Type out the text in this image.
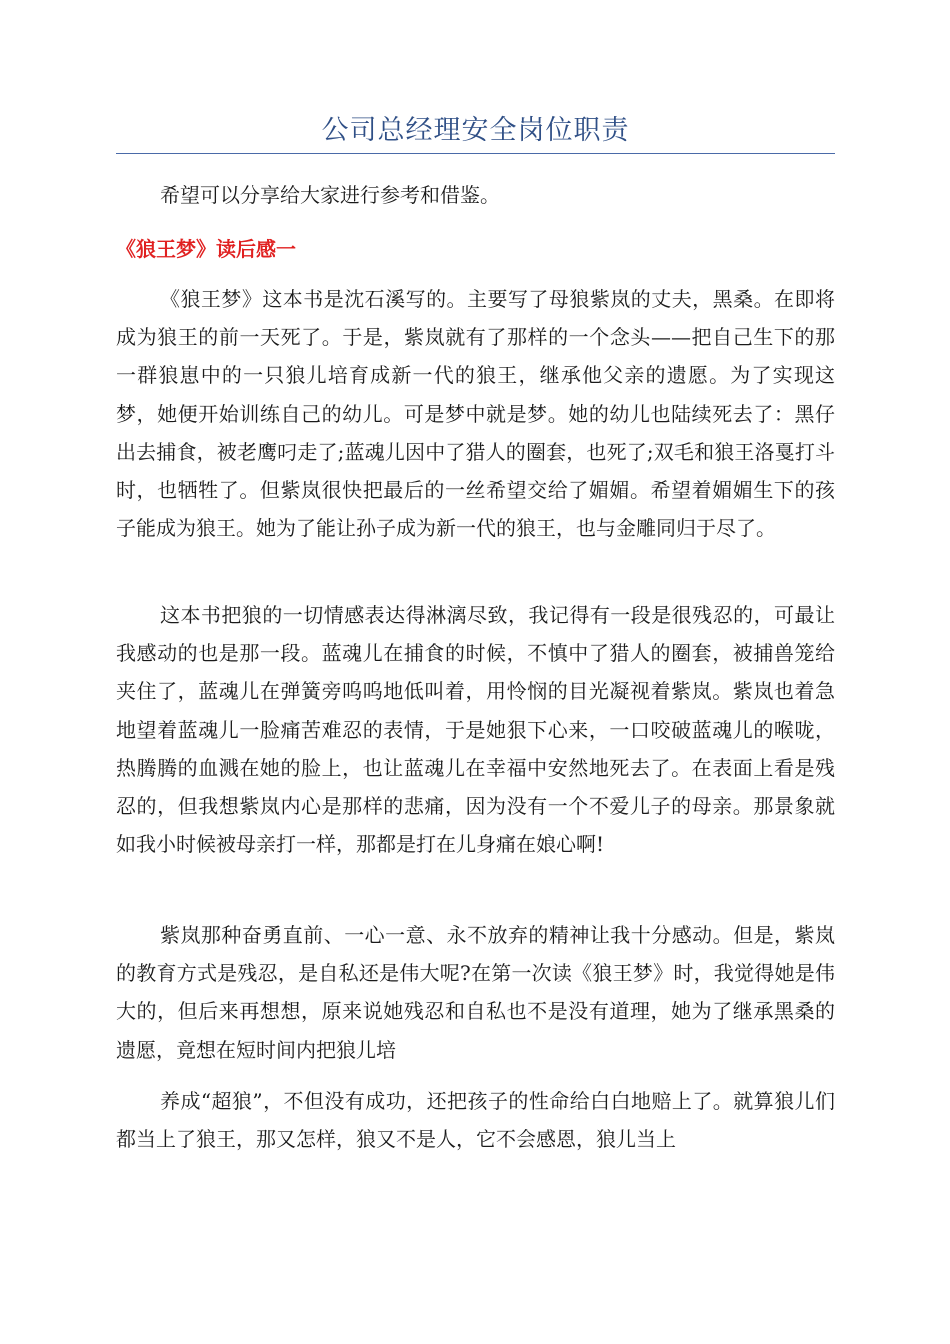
公司总经理安全岗位职责

希望可以分享给大家进行参考和借鉴。

《狼王梦》读后感一

《狼王梦》这本书是沈石溪写的。主要写了母狼紫岚的丈夫，黑桑。在即将成为狼王的前一天死了。于是，紫岚就有了那样的一个念头——把自己生下的那一群狼崽中的一只狼儿培育成新一代的狼王，继承他父亲的遗愿。为了实现这梦，她便开始训练自己的幼儿。可是梦中就是梦。她的幼儿也陆续死去了：黑仔出去捕食，被老鹰叼走了;蓝魂儿因中了猎人的圈套，也死了;双毛和狼王洛戛打斗时，也牺牲了。但紫岚很快把最后的一丝希望交给了媚媚。希望着媚媚生下的孩子能成为狼王。她为了能让孙子成为新一代的狼王，也与金雕同归于尽了。

这本书把狼的一切情感表达得淋漓尽致，我记得有一段是很残忍的，可最让我感动的也是那一段。蓝魂儿在捕食的时候，不慎中了猎人的圈套，被捕兽笼给夹住了，蓝魂儿在弹簧旁呜呜地低叫着，用怜悯的目光凝视着紫岚。紫岚也着急地望着蓝魂儿一脸痛苦难忍的表情，于是她狠下心来，一口咬破蓝魂儿的喉咙，热腾腾的血溅在她的脸上，也让蓝魂儿在幸福中安然地死去了。在表面上看是残忍的，但我想紫岚内心是那样的悲痛，因为没有一个不爱儿子的母亲。那景象就如我小时候被母亲打一样，那都是打在儿身痛在娘心啊!

紫岚那种奋勇直前、一心一意、永不放弃的精神让我十分感动。但是，紫岚的教育方式是残忍，是自私还是伟大呢?在第一次读《狼王梦》时，我觉得她是伟大的，但后来再想想，原来说她残忍和自私也不是没有道理，她为了继承黑桑的遗愿，竟想在短时间内把狼儿培

养成“超狼”，不但没有成功，还把孩子的性命给白白地赔上了。就算狼儿们都当上了狼王，那又怎样，狼又不是人，它不会感恩，狼儿当上
